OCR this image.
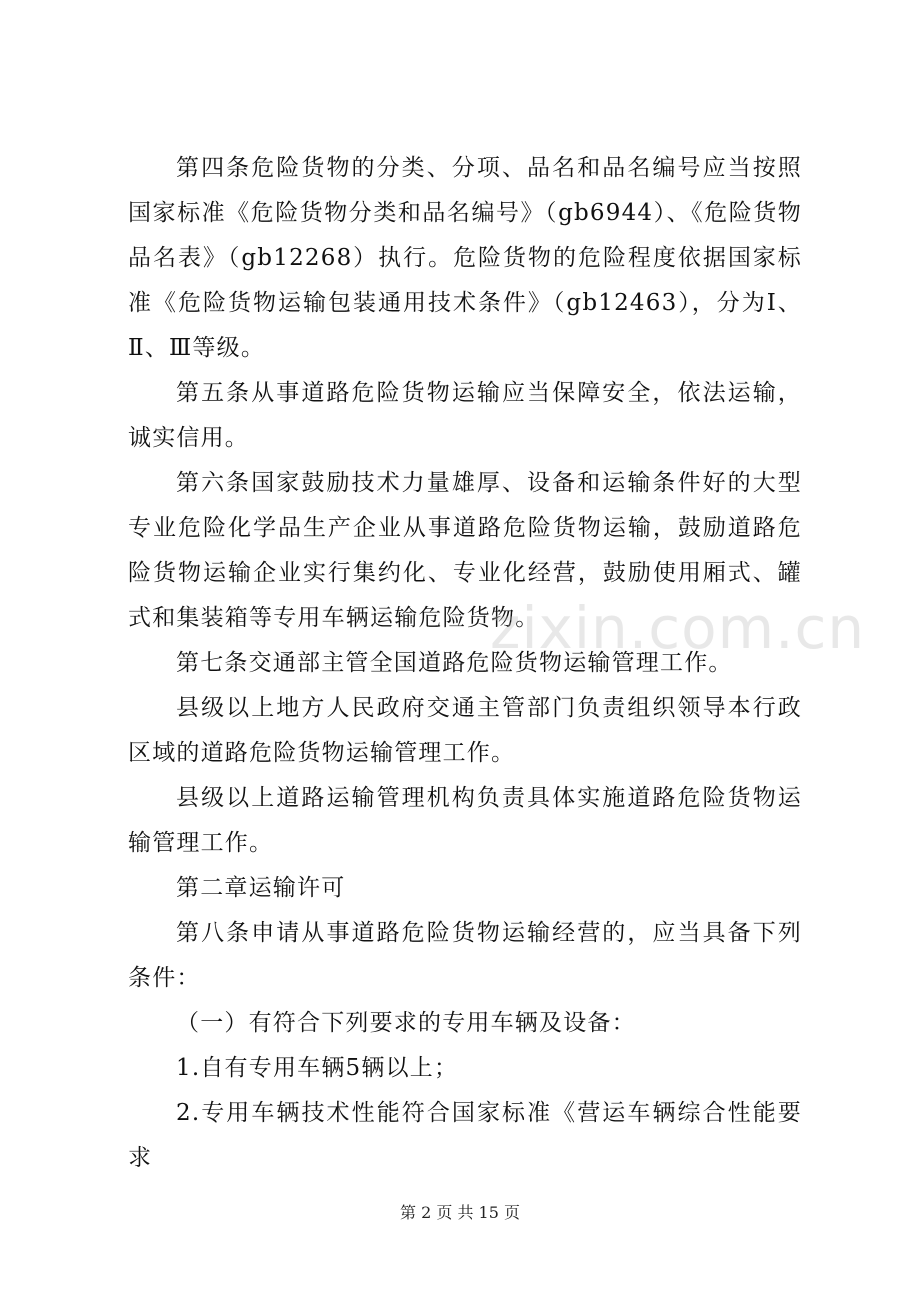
第四条危险货物的分类、分项、品名和品名编号应当按照国家标准《危险货物分类和品名编号》（gb6944）、《危险货物品名表》（gb12268）执行。危险货物的危险程度依据国家标准《危险货物运输包装通用技术条件》（gb12463），分为Ⅰ、Ⅱ、Ⅲ等级。

第五条从事道路危险货物运输应当保障安全，依法运输，诚实信用。

第六条国家鼓励技术力量雄厚、设备和运输条件好的大型专业危险化学品生产企业从事道路危险货物运输，鼓励道路危险货物运输企业实行集约化、专业化经营，鼓励使用厢式、罐式和集装箱等专用车辆运输危险货物。

第七条交通部主管全国道路危险货物运输管理工作。

县级以上地方人民政府交通主管部门负责组织领导本行政区域的道路危险货物运输管理工作。

县级以上道路运输管理机构负责具体实施道路危险货物运输管理工作。

第二章运输许可

第八条申请从事道路危险货物运输经营的，应当具备下列条件：

（一）有符合下列要求的专用车辆及设备：

1.自有专用车辆5辆以上；

2.专用车辆技术性能符合国家标准《营运车辆综合性能要求

zixin.com.cn
第 2 页 共 15 页
